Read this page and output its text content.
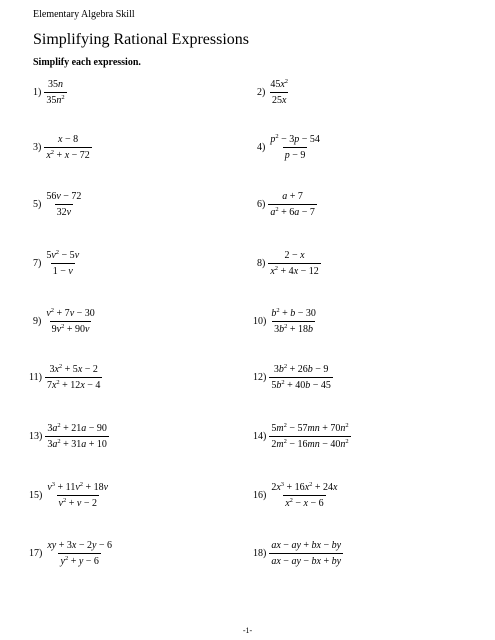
Elementary Algebra Skill
Simplifying Rational Expressions
Simplify each expression.
$1) \frac{35n}{35n^2}$	$2) \frac{45x^2}{25x}$
$3) \frac{x - 8}{x^2 + x - 72}$	$4) \frac{p^2 - 3p - 54}{p - 9}$
$5) \frac{56v - 72}{32v}$	$6) \frac{a + 7}{a^2 + 6a - 7}$
$7) \frac{5v^2 - 5v}{1 - v}$	$8) \frac{2 - x}{x^2 + 4x - 12}$
$9) \frac{v^2 + 7v - 30}{9v^2 + 90v}$	$10) \frac{b^2 + b - 30}{3b^2 + 18b}$
$11) \frac{3x^2 + 5x - 2}{7x^2 + 12x - 4}$	$12) \frac{3b^2 + 26b - 9}{5b^2 + 40b - 45}$
$13) \frac{3a^2 + 21a - 90}{3a^2 + 31a + 10}$	$14) \frac{5m^2 - 57mn + 70n^2}{2m^2 - 16mn - 40n^2}$
$15) \frac{v^3 + 11v^2 + 18v}{v^2 + v - 2}$	$16) \frac{2x^3 + 16x^2 + 24x}{x^2 - x - 6}$
$17) \frac{xy + 3x - 2y - 6}{y^2 + y - 6}$	$18) \frac{ax - ay + bx - by}{ax - ay - bx + by}$
-1-
